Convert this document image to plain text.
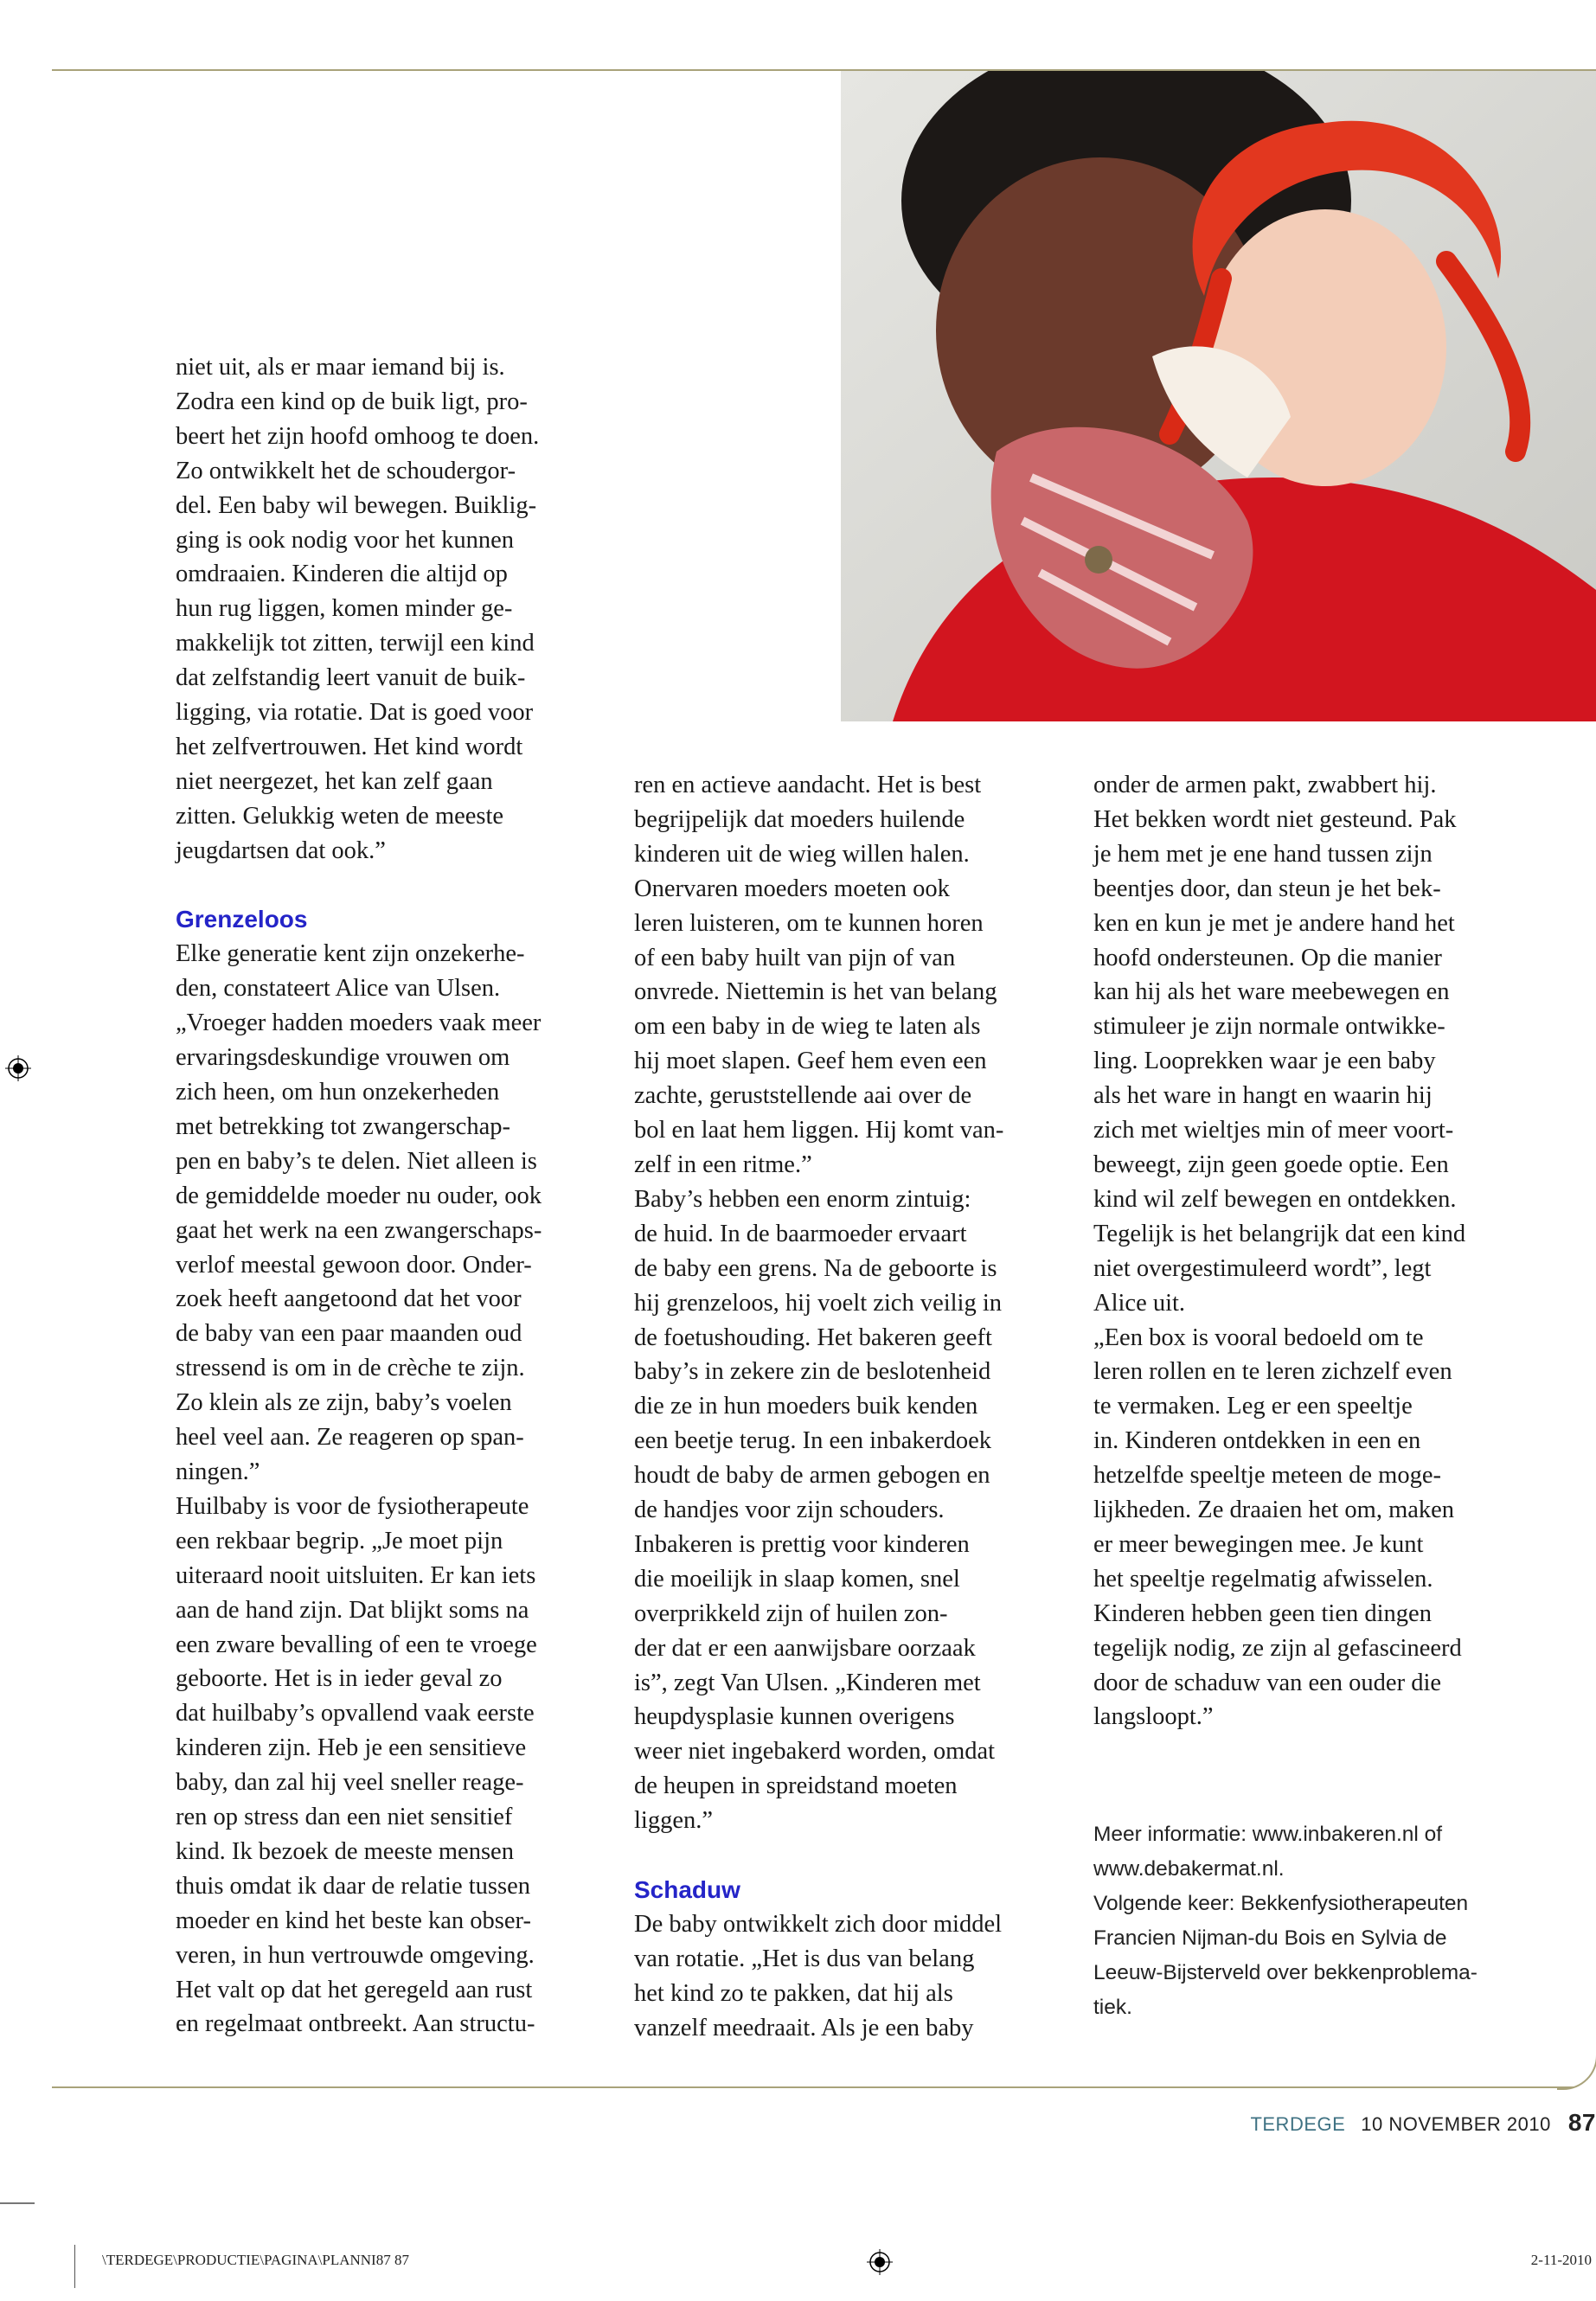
niet uit, als er maar iemand bij is.
Zodra een kind op de buik ligt, pro-
beert het zijn hoofd omhoog te doen.
Zo ontwikkelt het de schoudergor-
del. Een baby wil bewegen. Buiklig-
ging is ook nodig voor het kunnen
omdraaien. Kinderen die altijd op
hun rug liggen, komen minder ge-
makkelijk tot zitten, terwijl een kind
dat zelfstandig leert vanuit de buik-
ligging, via rotatie. Dat is goed voor
het zelfvertrouwen. Het kind wordt
niet neergezet, het kan zelf gaan
zitten. Gelukkig weten de meeste
jeugdartsen dat ook.”

Grenzeloos

Elke generatie kent zijn onzekerhe-
den, constateert Alice van Ulsen.
„Vroeger hadden moeders vaak meer
ervaringsdeskundige vrouwen om
zich heen, om hun onzekerheden
met betrekking tot zwangerschap-
pen en baby’s te delen. Niet alleen is
de gemiddelde moeder nu ouder, ook
gaat het werk na een zwangerschaps-
verlof meestal gewoon door. Onder-
zoek heeft aangetoond dat het voor
de baby van een paar maanden oud
stressend is om in de crèche te zijn.
Zo klein als ze zijn, baby’s voelen
heel veel aan. Ze reageren op span-
ningen.”
Huilbaby is voor de fysiotherapeute
een rekbaar begrip. „Je moet pijn
uiteraard nooit uitsluiten. Er kan iets
aan de hand zijn. Dat blijkt soms na
een zware bevalling of een te vroege
geboorte. Het is in ieder geval zo
dat huilbaby’s opvallend vaak eerste
kinderen zijn. Heb je een sensitieve
baby, dan zal hij veel sneller reage-
ren op stress dan een niet sensitief
kind. Ik bezoek de meeste mensen
thuis omdat ik daar de relatie tussen
moeder en kind het beste kan obser-
veren, in hun vertrouwde omgeving.
Het valt op dat het geregeld aan rust
en regelmaat ontbreekt. Aan structu-

ren en actieve aandacht. Het is best
begrijpelijk dat moeders huilende
kinderen uit de wieg willen halen.
Onervaren moeders moeten ook
leren luisteren, om te kunnen horen
of een baby huilt van pijn of van
onvrede. Niettemin is het van belang
om een baby in de wieg te laten als
hij moet slapen. Geef hem even een
zachte, geruststellende aai over de
bol en laat hem liggen. Hij komt van-
zelf in een ritme.”
Baby’s hebben een enorm zintuig:
de huid. In de baarmoeder ervaart
de baby een grens. Na de geboorte is
hij grenzeloos, hij voelt zich veilig in
de foetushouding. Het bakeren geeft
baby’s in zekere zin de beslotenheid
die ze in hun moeders buik kenden
een beetje terug. In een inbakerdoek
houdt de baby de armen gebogen en
de handjes voor zijn schouders.
Inbakeren is prettig voor kinderen
die moeilijk in slaap komen, snel
overprikkeld zijn of huilen zon-
der dat er een aanwijsbare oorzaak
is”, zegt Van Ulsen. „Kinderen met
heupdysplasie kunnen overigens
weer niet ingebakerd worden, omdat
de heupen in spreidstand moeten
liggen.”

Schaduw

De baby ontwikkelt zich door middel
van rotatie. „Het is dus van belang
het kind zo te pakken, dat hij als
vanzelf meedraait. Als je een baby

onder de armen pakt, zwabbert hij.
Het bekken wordt niet gesteund. Pak
je hem met je ene hand tussen zijn
beentjes door, dan steun je het bek-
ken en kun je met je andere hand het
hoofd ondersteunen. Op die manier
kan hij als het ware meebewegen en
stimuleer je zijn normale ontwikke-
ling. Looprekken waar je een baby
als het ware in hangt en waarin hij
zich met wieltjes min of meer voort-
beweegt, zijn geen goede optie. Een
kind wil zelf bewegen en ontdekken.
Tegelijk is het belangrijk dat een kind
niet overgestimuleerd wordt”, legt
Alice uit.
„Een box is vooral bedoeld om te
leren rollen en te leren zichzelf even
te vermaken. Leg er een speeltje
in. Kinderen ontdekken in een en
hetzelfde speeltje meteen de moge-
lijkheden. Ze draaien het om, maken
er meer bewegingen mee. Je kunt
het speeltje regelmatig afwisselen.
Kinderen hebben geen tien dingen
tegelijk nodig, ze zijn al gefascineerd
door de schaduw van een ouder die
langsloopt.”

Meer informatie: www.inbakeren.nl of
www.debakermat.nl.
Volgende keer: Bekkenfysiotherapeuten
Francien Nijman-du Bois en Sylvia de
Leeuw-Bijsterveld over bekkenproblema-
tiek.

TERDEGE 10 NOVEMBER 2010 87
\TERDEGE\PRODUCTIE\PAGINA\PLANNI87 87	2-11-2010
